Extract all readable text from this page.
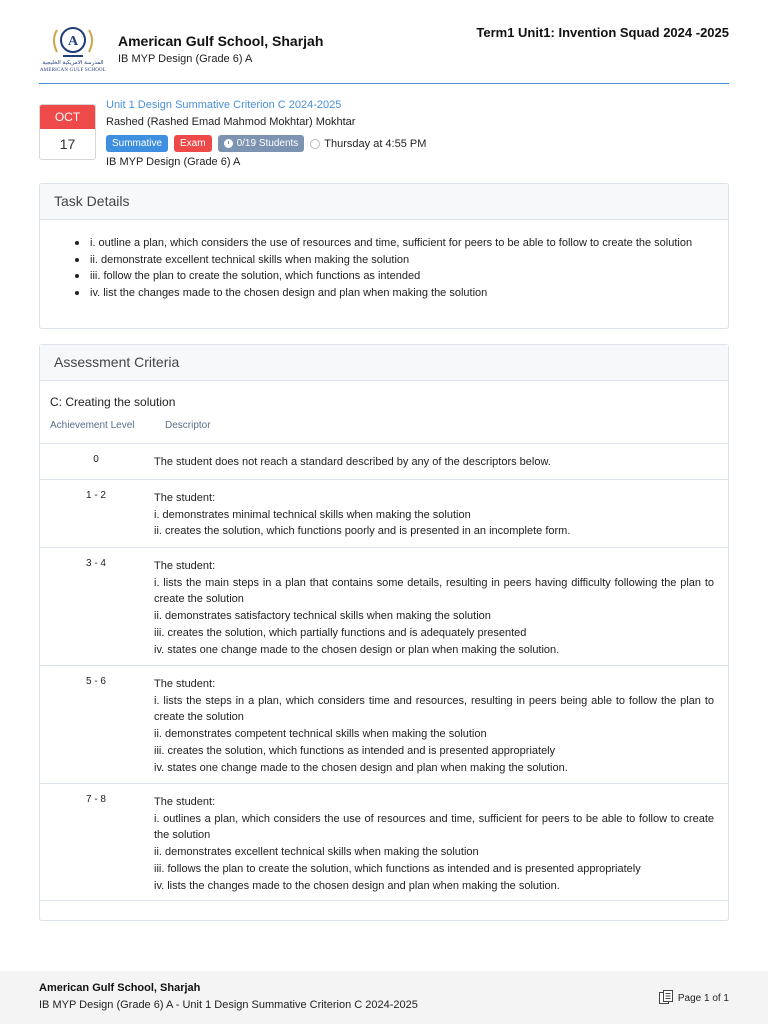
A
المدرسة الأمريكية الخليجية
AMERICAN GULF SCHOOL
American Gulf School, Sharjah
IB MYP Design (Grade 6) A
Term1 Unit1: Invention Squad 2024 -2025
OCT
17
Unit 1 Design Summative Criterion C 2024-2025
Rashed (Rashed Emad Mahmod Mokhtar) Mokhtar
Summative	Exam	0/19 Students Thursday at 4:55 PM
IB MYP Design (Grade 6) A
Task Details
i. outline a plan, which considers the use of resources and time, sufficient for peers to be able to follow to create the solution
ii. demonstrate excellent technical skills when making the solution
iii. follow the plan to create the solution, which functions as intended
iv. list the changes made to the chosen design and plan when making the solution
Assessment Criteria
C: Creating the solution
Achievement Level	Descriptor
0	The student does not reach a standard described by any of the descriptors below.
1 - 2	The student:
i. demonstrates minimal technical skills when making the solution
ii. creates the solution, which functions poorly and is presented in an incomplete form.
3 - 4	The student:
i. lists the main steps in a plan that contains some details, resulting in peers having difficulty following the plan to create the solution
ii. demonstrates satisfactory technical skills when making the solution
iii. creates the solution, which partially functions and is adequately presented
iv. states one change made to the chosen design or plan when making the solution.
5 - 6	The student:
i. lists the steps in a plan, which considers time and resources, resulting in peers being able to follow the plan to create the solution
ii. demonstrates competent technical skills when making the solution
iii. creates the solution, which functions as intended and is presented appropriately
iv. states one change made to the chosen design and plan when making the solution.
7 - 8	The student:
i. outlines a plan, which considers the use of resources and time, sufficient for peers to be able to follow to create the solution
ii. demonstrates excellent technical skills when making the solution
iii. follows the plan to create the solution, which functions as intended and is presented appropriately
iv. lists the changes made to the chosen design and plan when making the solution.
American Gulf School, Sharjah
IB MYP Design (Grade 6) A - Unit 1 Design Summative Criterion C 2024-2025
Page 1 of 1
